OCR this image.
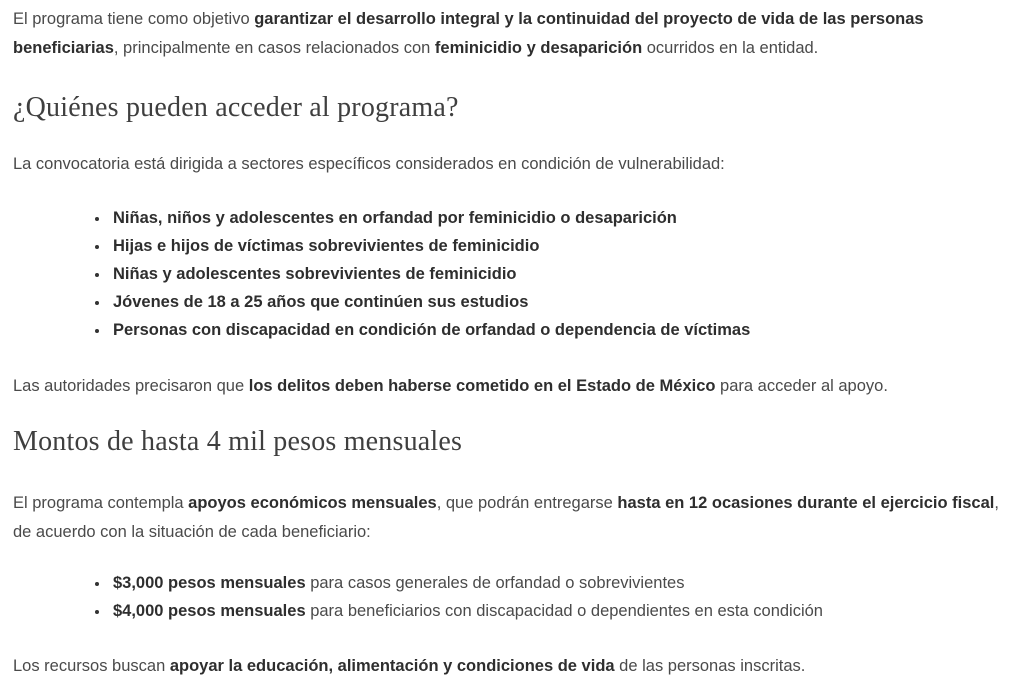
El programa tiene como objetivo garantizar el desarrollo integral y la continuidad del proyecto de vida de las personas beneficiarias, principalmente en casos relacionados con feminicidio y desaparición ocurridos en la entidad.

¿Quiénes pueden acceder al programa?

La convocatoria está dirigida a sectores específicos considerados en condición de vulnerabilidad:

• Niñas, niños y adolescentes en orfandad por feminicidio o desaparición
• Hijas e hijos de víctimas sobrevivientes de feminicidio
• Niñas y adolescentes sobrevivientes de feminicidio
• Jóvenes de 18 a 25 años que continúen sus estudios
• Personas con discapacidad en condición de orfandad o dependencia de víctimas

Las autoridades precisaron que los delitos deben haberse cometido en el Estado de México para acceder al apoyo.

Montos de hasta 4 mil pesos mensuales

El programa contempla apoyos económicos mensuales, que podrán entregarse hasta en 12 ocasiones durante el ejercicio fiscal, de acuerdo con la situación de cada beneficiario:

• $3,000 pesos mensuales para casos generales de orfandad o sobrevivientes
• $4,000 pesos mensuales para beneficiarios con discapacidad o dependientes en esta condición

Los recursos buscan apoyar la educación, alimentación y condiciones de vida de las personas inscritas.
